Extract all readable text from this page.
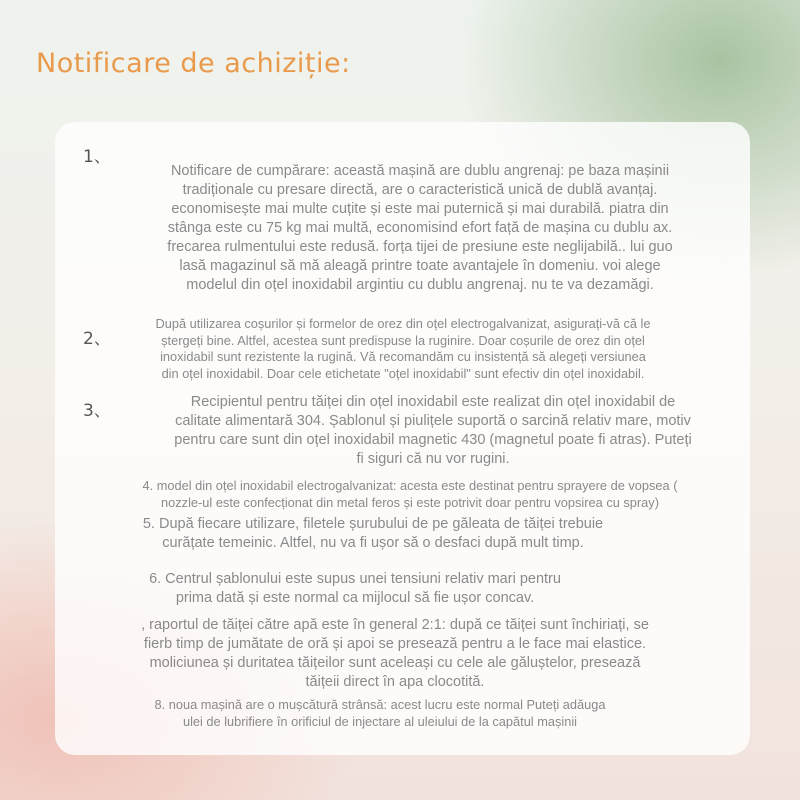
Notificare de achiziție:
1、
2、
3、
Notificare de cumpărare: această mașină are dublu angrenaj: pe baza mașinii
tradiționale cu presare directă, are o caracteristică unică de dublă avanțaj.
economisește mai multe cuțite și este mai puternică și mai durabilă. piatra din
stânga este cu 75 kg mai multă, economisind efort față de mașina cu dublu ax.
frecarea rulmentului este redusă. forța tijei de presiune este neglijabilă.. lui guo
lasă magazinul să mă aleagă printre toate avantajele în domeniu. voi alege
modelul din oțel inoxidabil argintiu cu dublu angrenaj. nu te va dezamăgi.
După utilizarea coșurilor și formelor de orez din oțel electrogalvanizat, asigurați-vă că le
ștergeți bine. Altfel, acestea sunt predispuse la ruginire. Doar coșurile de orez din oțel
inoxidabil sunt rezistente la rugină. Vă recomandăm cu insistență să alegeți versiunea
din oțel inoxidabil. Doar cele etichetate "oțel inoxidabil" sunt efectiv din oțel inoxidabil.
Recipientul pentru tăiței din oțel inoxidabil este realizat din oțel inoxidabil de
calitate alimentară 304. Șablonul și piulițele suportă o sarcină relativ mare, motiv
pentru care sunt din oțel inoxidabil magnetic 430 (magnetul poate fi atras). Puteți
fi siguri că nu vor rugini.
4. model din oțel inoxidabil electrogalvanizat: acesta este destinat pentru sprayere de vopsea (
nozzle-ul este confecționat din metal feros și este potrivit doar pentru vopsirea cu spray)
5. După fiecare utilizare, filetele șurubului de pe găleata de tăiței trebuie
curățate temeinic. Altfel, nu va fi ușor să o desfaci după mult timp.
6. Centrul șablonului este supus unei tensiuni relativ mari pentru
prima dată și este normal ca mijlocul să fie ușor concav.
, raportul de tăiței către apă este în general 2:1: după ce tăiței sunt închiriați, se
fierb timp de jumătate de oră și apoi se presează pentru a le face mai elastice.
moliciunea și duritatea tăițeilor sunt aceleași cu cele ale găluștelor, presează
tăițeii direct în apa clocotită.
8. noua mașină are o mușcătură strânsă: acest lucru este normal Puteți adăuga
ulei de lubrifiere în orificiul de injectare al uleiului de la capătul mașinii
